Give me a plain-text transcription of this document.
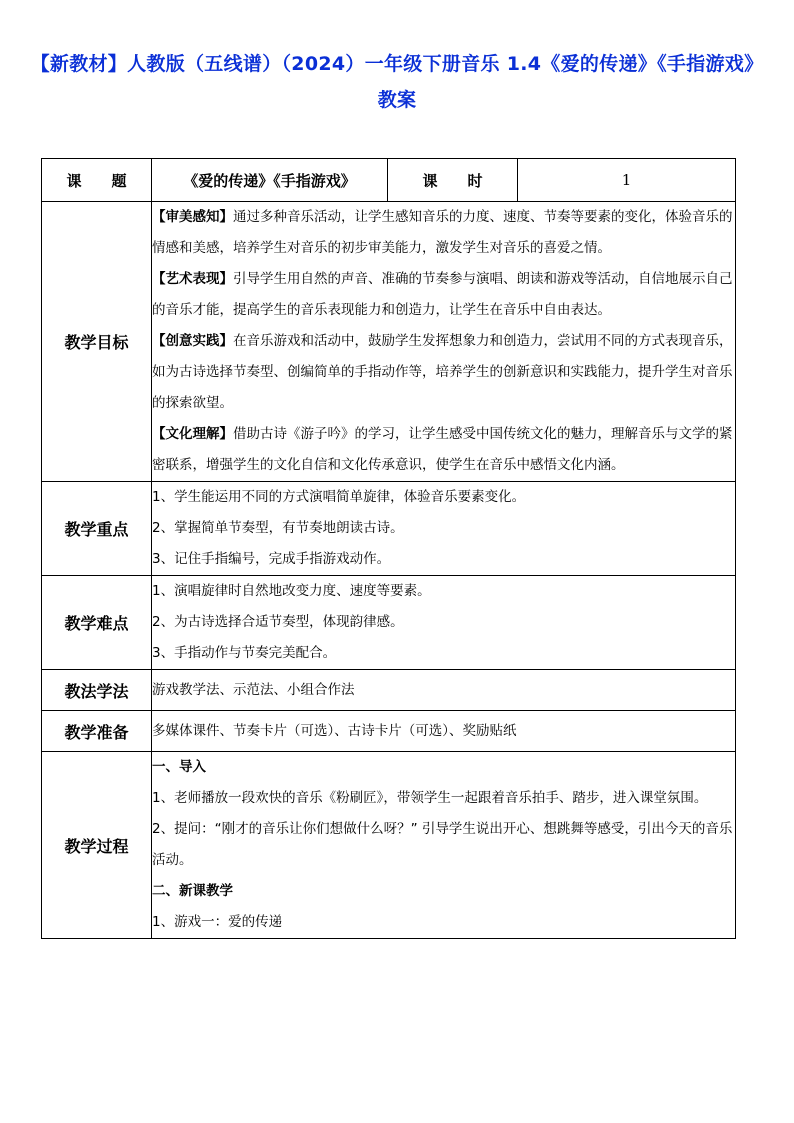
【新教材】人教版（五线谱）（2024）一年级下册音乐 1.4《爱的传递》《手指游戏》教案
课　　题	《爱的传递》《手指游戏》	课　　时	1
教学目标	【审美感知】通过多种音乐活动，让学生感知音乐的力度、速度、节奏等要素的变化，体验音乐的情感和美感，培养学生对音乐的初步审美能力，激发学生对音乐的喜爱之情。

【艺术表现】引导学生用自然的声音、准确的节奏参与演唱、朗读和游戏等活动，自信地展示自己的音乐才能，提高学生的音乐表现能力和创造力，让学生在音乐中自由表达。

【创意实践】在音乐游戏和活动中，鼓励学生发挥想象力和创造力，尝试用不同的方式表现音乐，如为古诗选择节奏型、创编简单的手指动作等，培养学生的创新意识和实践能力，提升学生对音乐的探索欲望。

【文化理解】借助古诗《游子吟》的学习，让学生感受中国传统文化的魅力，理解音乐与文学的紧密联系，增强学生的文化自信和文化传承意识，使学生在音乐中感悟文化内涵。		

教学重点	1、学生能运用不同的方式演唱简单旋律，体验音乐要素变化。

2、掌握简单节奏型，有节奏地朗读古诗。

3、记住手指编号，完成手指游戏动作。		

教学难点	1、演唱旋律时自然地改变力度、速度等要素。

2、为古诗选择合适节奏型，体现韵律感。

3、手指动作与节奏完美配合。		

教法学法	游戏教学法、示范法、小组合作法		
教学准备	多媒体课件、节奏卡片（可选）、古诗卡片（可选）、奖励贴纸		
教学过程	一、导入

1、老师播放一段欢快的音乐《粉刷匠》，带领学生一起跟着音乐拍手、踏步，进入课堂氛围。

2、提问：“刚才的音乐让你们想做什么呀？” 引导学生说出开心、想跳舞等感受，引出今天的音乐活动。

二、新课教学

1、游戏一：爱的传递		
